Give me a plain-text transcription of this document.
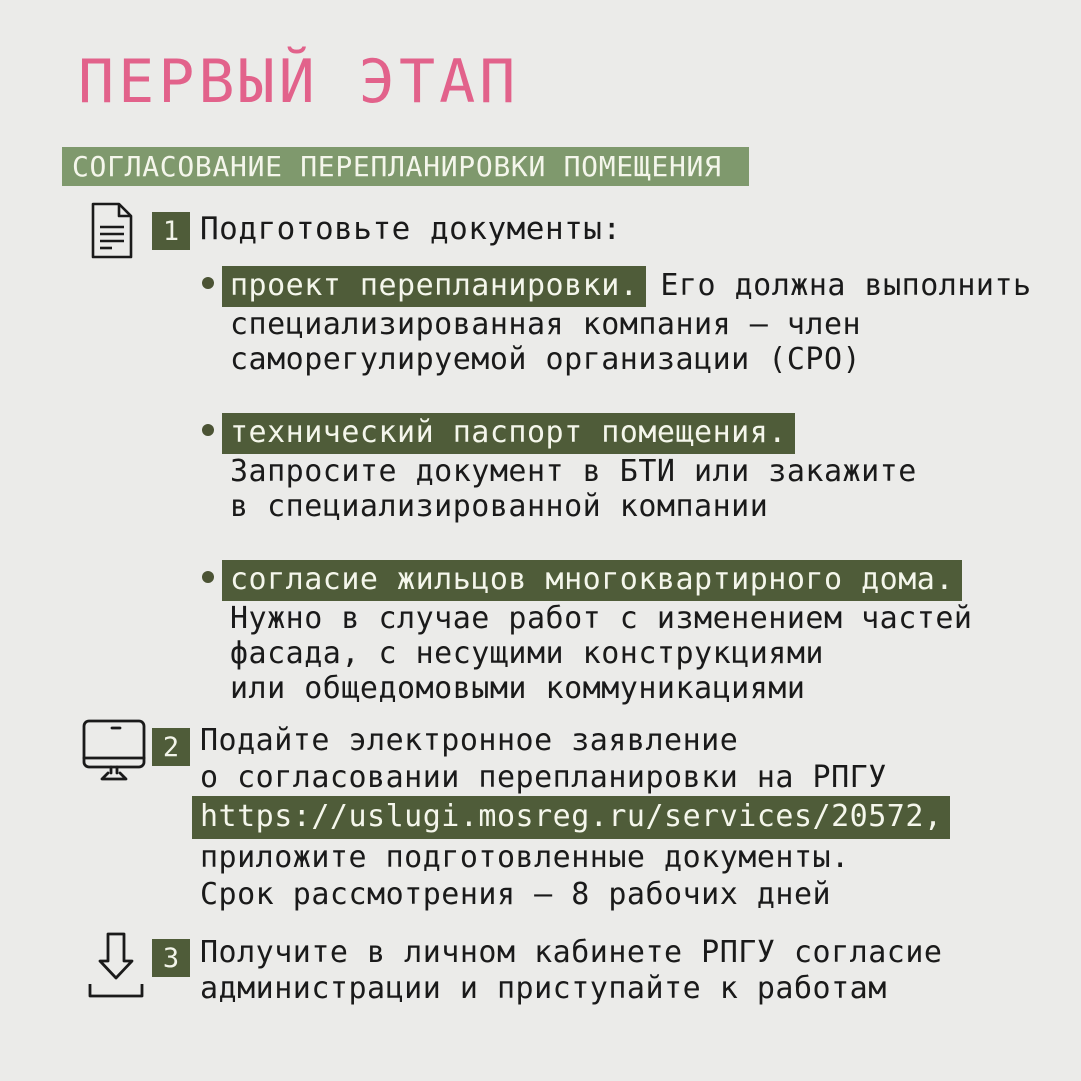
ПЕРВЫЙ ЭТАП
СОГЛАСОВАНИЕ ПЕРЕПЛАНИРОВКИ ПОМЕЩЕНИЯ
1 Подготовьте документы:
проект перепланировки. Его должна выполнить
специализированная компания – член
саморегулируемой организации (СРО)
технический паспорт помещения.
Запросите документ в БТИ или закажите
в специализированной компании
согласие жильцов многоквартирного дома.
Нужно в случае работ с изменением частей
фасада, с несущими конструкциями
или общедомовыми коммуникациями
2 Подайте электронное заявление
о согласовании перепланировки на РПГУ
https://uslugi.mosreg.ru/services/20572,
приложите подготовленные документы.
Срок рассмотрения – 8 рабочих дней
3 Получите в личном кабинете РПГУ согласие
администрации и приступайте к работам
